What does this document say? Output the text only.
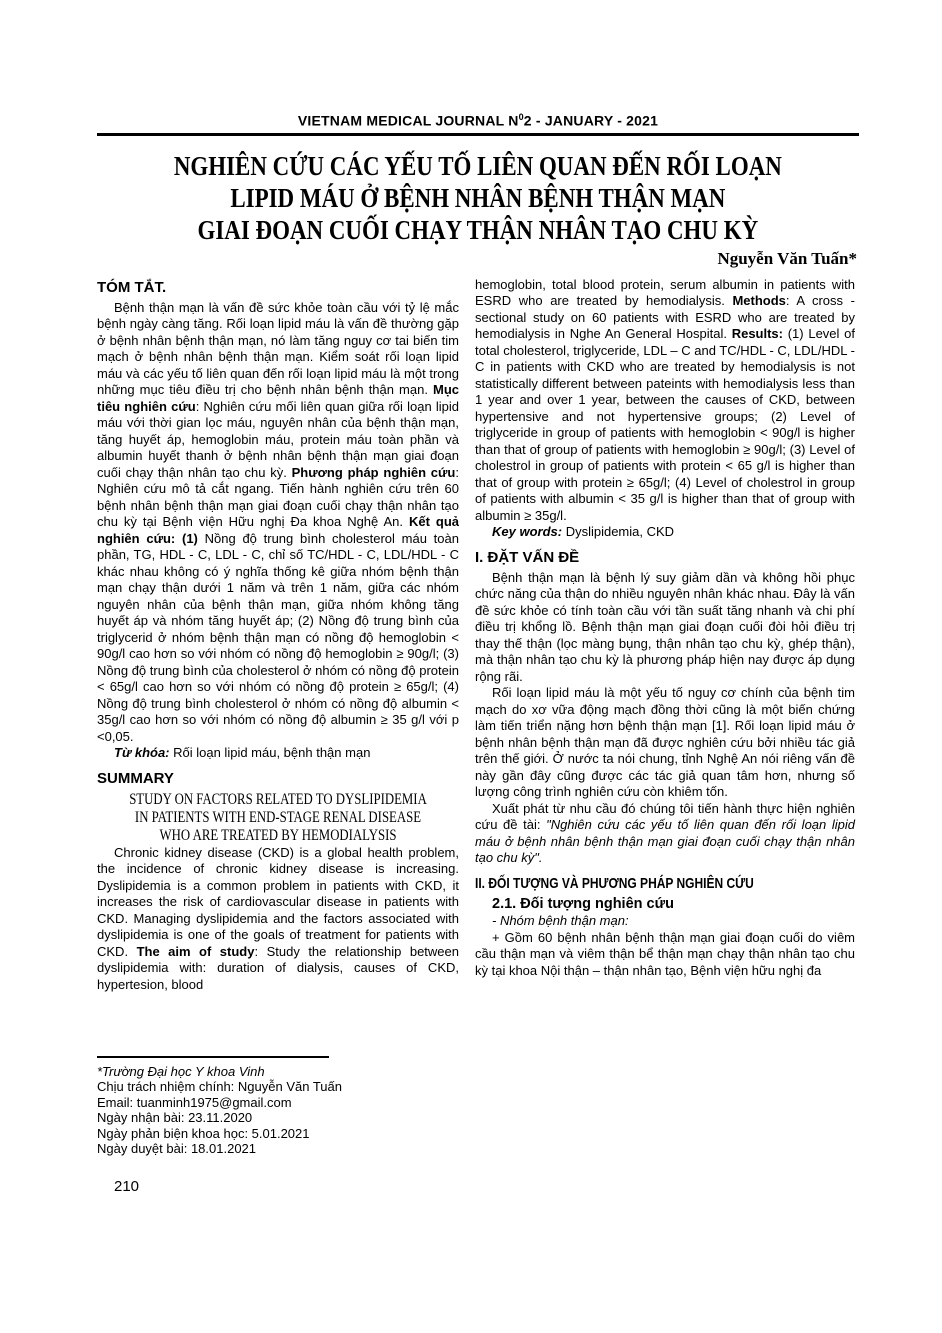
VIETNAM MEDICAL JOURNAL $N^02$ - JANUARY - 2021
NGHIÊN CỨU CÁC YẾU TỐ LIÊN QUAN ĐẾN RỐI LOẠN
LIPID MÁU Ở BỆNH NHÂN BỆNH THẬN MẠN
GIAI ĐOẠN CUỐI CHẠY THẬN NHÂN TẠO CHU KỲ
Nguyễn Văn Tuấn*
TÓM TẮT.

Bệnh thận mạn là vấn đề sức khỏe toàn cầu với tỷ lệ mắc bệnh ngày càng tăng. Rối loạn lipid máu là vấn đề thường gặp ở bệnh nhân bệnh thận mạn, nó làm tăng nguy cơ tai biến tim mạch ở bệnh nhân bệnh thận mạn. Kiểm soát rối loạn lipid máu và các yếu tố liên quan đến rối loạn lipid máu là một trong những mục tiêu điều trị cho bệnh nhân bệnh thận mạn. Mục tiêu nghiên cứu: Nghiên cứu mối liên quan giữa rối loạn lipid máu với thời gian lọc máu, nguyên nhân của bệnh thận mạn, tăng huyết áp, hemoglobin máu, protein máu toàn phần và albumin huyết thanh ở bệnh nhân bệnh thận mạn giai đoạn cuối chạy thận nhân tạo chu kỳ. Phương pháp nghiên cứu: Nghiên cứu mô tả cắt ngang. Tiến hành nghiên cứu trên 60 bệnh nhân bệnh thận mạn giai đoạn cuối chạy thận nhân tạo chu kỳ tại Bệnh viện Hữu nghị Đa khoa Nghệ An. Kết quả nghiên cứu: (1) Nồng độ trung bình cholesterol máu toàn phần, TG, HDL - C, LDL - C, chỉ số TC/HDL - C, LDL/HDL - C khác nhau không có ý nghĩa thống kê giữa nhóm bệnh thận mạn chạy thận dưới 1 năm và trên 1 năm, giữa các nhóm nguyên nhân của bệnh thận mạn, giữa nhóm không tăng huyết áp và nhóm tăng huyết áp; (2) Nồng độ trung bình của triglycerid ở nhóm bệnh thận mạn có nồng độ hemoglobin < 90g/l cao hơn so với nhóm có nồng độ hemoglobin ≥ 90g/l; (3) Nồng độ trung bình của cholesterol ở nhóm có nồng độ protein < 65g/l cao hơn so với nhóm có nồng độ protein ≥ 65g/l; (4) Nồng độ trung bình cholesterol ở nhóm có nồng độ albumin < 35g/l cao hơn so với nhóm có nồng độ albumin ≥ 35 g/l với p <0,05.

Từ khóa: Rối loạn lipid máu, bệnh thận mạn

SUMMARY
STUDY ON FACTORS RELATED TO DYSLIPIDEMIA
IN PATIENTS WITH END-STAGE RENAL DISEASE
WHO ARE TREATED BY HEMODIALYSIS

Chronic kidney disease (CKD) is a global health problem, the incidence of chronic kidney disease is increasing. Dyslipidemia is a common problem in patients with CKD, it increases the risk of cardiovascular disease in patients with CKD. Managing dyslipidemia and the factors associated with dyslipidemia is one of the goals of treatment for patients with CKD. The aim of study: Study the relationship between dyslipidemia with: duration of dialysis, causes of CKD, hypertesion, blood

*Trường Đại học Y khoa Vinh
Chịu trách nhiệm chính: Nguyễn Văn Tuấn
Email: tuanminh1975@gmail.com
Ngày nhận bài: 23.11.2020
Ngày phản biện khoa học: 5.01.2021
Ngày duyệt bài: 18.01.2021

hemoglobin, total blood protein, serum albumin in patients with ESRD who are treated by hemodialysis. Methods: A cross - sectional study on 60 patients with ESRD who are treated by hemodialysis in Nghe An General Hospital. Results: (1) Level of total cholesterol, triglyceride, LDL – C and TC/HDL - C, LDL/HDL - C in patients with CKD who are treated by hemodialysis is not statistically different between pateints with hemodialysis less than 1 year and over 1 year, between the causes of CKD, between hypertensive and not hypertensive groups; (2) Level of triglyceride in group of patients with hemoglobin < 90g/l is higher than that of group of patients with hemoglobin ≥ 90g/l; (3) Level of cholestrol in group of patients with protein < 65 g/l is higher than that of group with protein ≥ 65g/l; (4) Level of cholestrol in group of patients with albumin < 35 g/l is higher than that of group with albumin ≥ 35g/l.

Key words: Dyslipidemia, CKD

I. ĐẶT VẤN ĐỀ

Bệnh thận mạn là bệnh lý suy giảm dần và không hồi phục chức năng của thận do nhiều nguyên nhân khác nhau. Đây là vấn đề sức khỏe có tính toàn cầu với tần suất tăng nhanh và chi phí điều trị khổng lồ. Bệnh thận mạn giai đoạn cuối đòi hỏi điều trị thay thế thận (lọc màng bụng, thận nhân tạo chu kỳ, ghép thận), mà thận nhân tạo chu kỳ là phương pháp hiện nay được áp dụng rộng rãi.

Rối loạn lipid máu là một yếu tố nguy cơ chính của bệnh tim mạch do xơ vữa động mạch đồng thời cũng là một biến chứng làm tiến triển nặng hơn bệnh thận mạn [1]. Rối loạn lipid máu ở bệnh nhân bệnh thận mạn đã được nghiên cứu bởi nhiều tác giả trên thế giới. Ở nước ta nói chung, tỉnh Nghệ An nói riêng vấn đề này gần đây cũng được các tác giả quan tâm hơn, nhưng số lượng công trình nghiên cứu còn khiêm tốn.

Xuất phát từ nhu cầu đó chúng tôi tiến hành thực hiện nghiên cứu đề tài: "Nghiên cứu các yếu tố liên quan đến rối loạn lipid máu ở bệnh nhân bệnh thận mạn giai đoạn cuối chạy thận nhân tạo chu kỳ".

II. ĐỐI TƯỢNG VÀ PHƯƠNG PHÁP NGHIÊN CỨU
2.1. Đối tượng nghiên cứu
- Nhóm bệnh thận mạn:

+ Gồm 60 bệnh nhân bệnh thận mạn giai đoạn cuối do viêm cầu thận mạn và viêm thận bể thận mạn chạy thận nhân tạo chu kỳ tại khoa Nội thận – thận nhân tạo, Bệnh viện hữu nghị đa

210
